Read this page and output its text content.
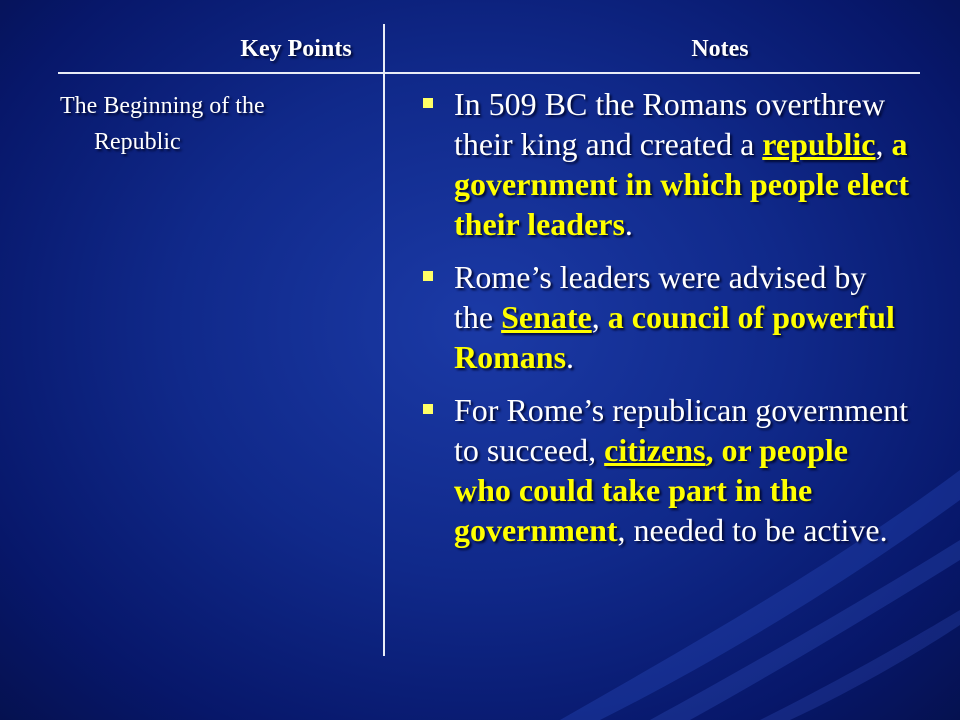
Key Points	Notes
The Beginning of the
Republic
In 509 BC the Romans overthrew their king and created a republic, a government in which people elect their leaders.
Rome’s leaders were advised by the Senate, a council of powerful Romans.
For Rome’s republican government to succeed, citizens, or people who could take part in the government, needed to be active.
